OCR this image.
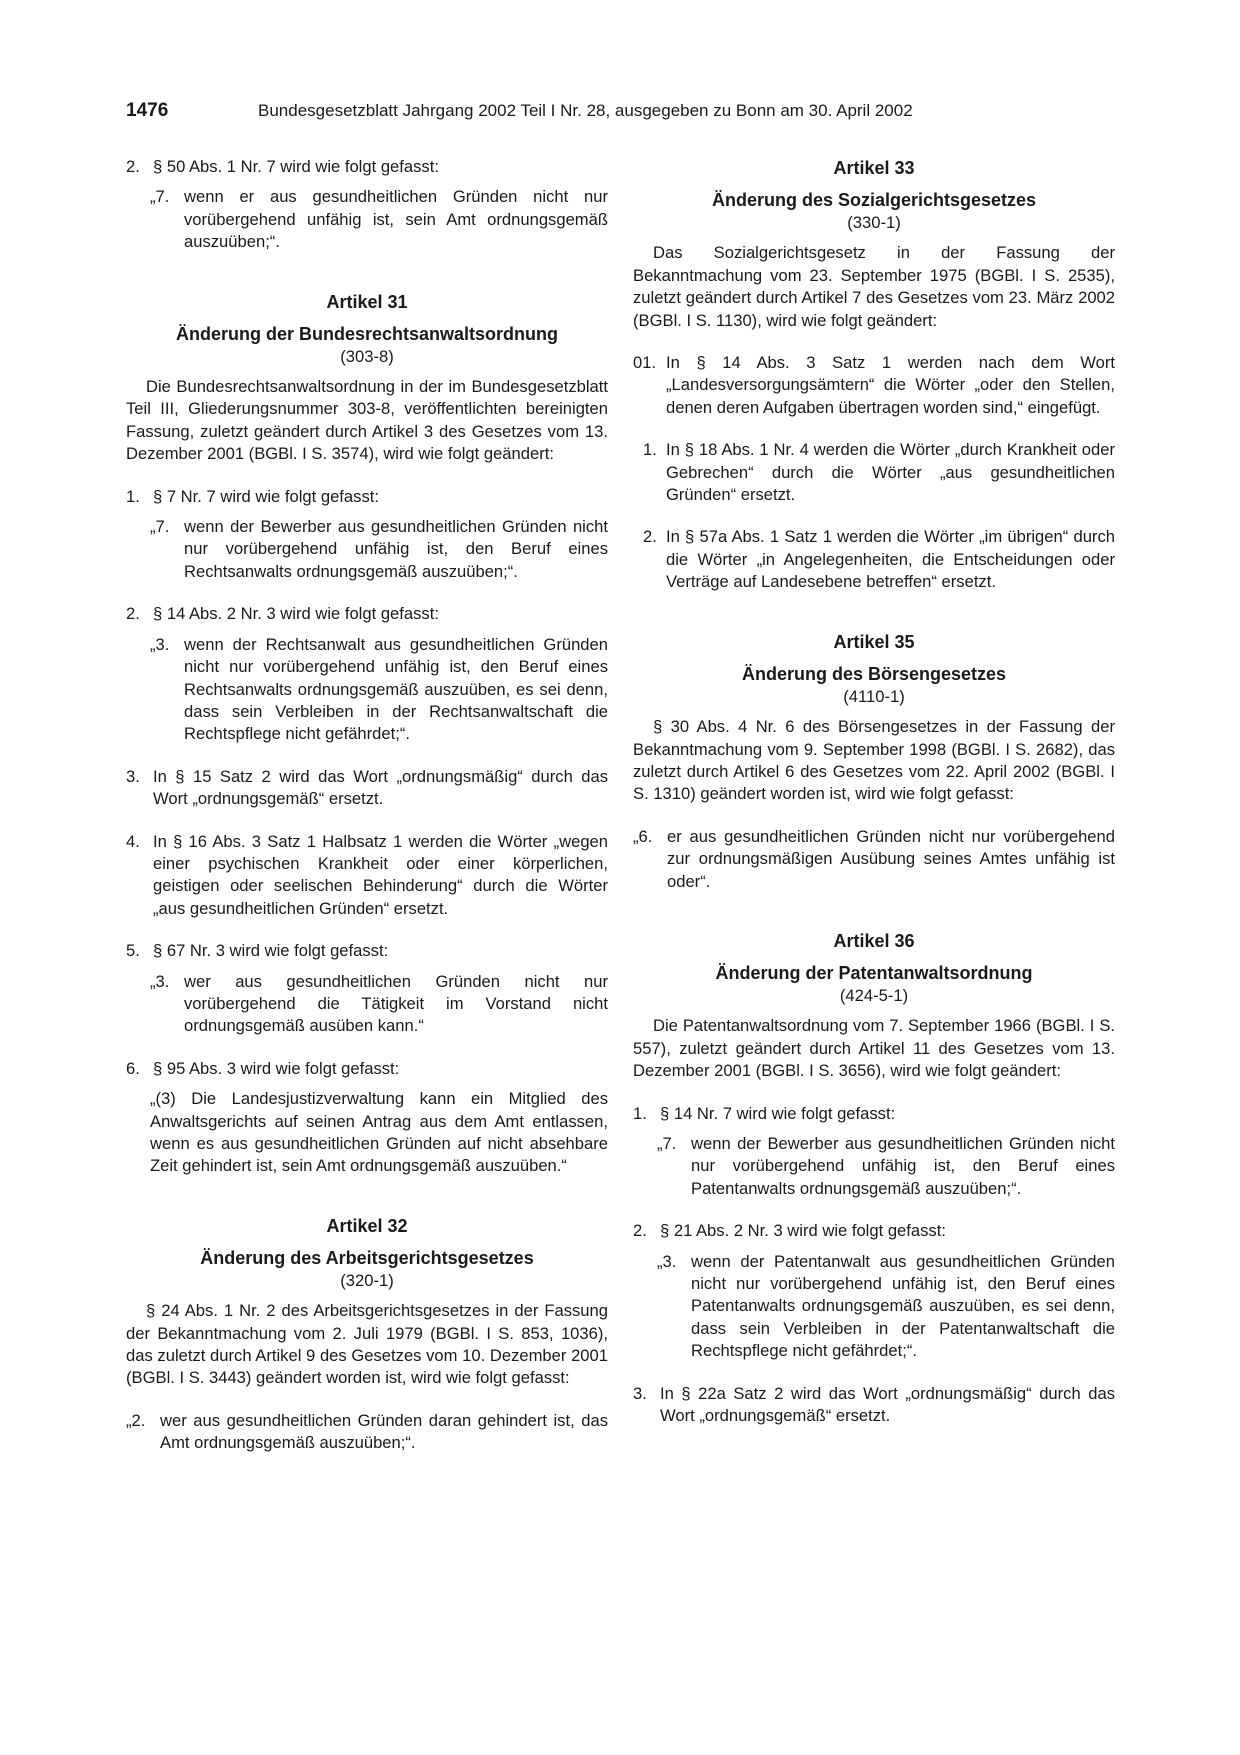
1476	Bundesgesetzblatt Jahrgang 2002 Teil I Nr. 28, ausgegeben zu Bonn am 30. April 2002
2. § 50 Abs. 1 Nr. 7 wird wie folgt gefasst:
„7. wenn er aus gesundheitlichen Gründen nicht nur vorübergehend unfähig ist, sein Amt ordnungsgemäß auszuüben;“.

Artikel 31

Änderung der Bundesrechtsanwaltsordnung

(303-8)

Die Bundesrechtsanwaltsordnung in der im Bundesgesetzblatt Teil III, Gliederungsnummer 303-8, veröffentlichten bereinigten Fassung, zuletzt geändert durch Artikel 3 des Gesetzes vom 13. Dezember 2001 (BGBl. I S. 3574), wird wie folgt geändert:

1. § 7 Nr. 7 wird wie folgt gefasst:
„7. wenn der Bewerber aus gesundheitlichen Gründen nicht nur vorübergehend unfähig ist, den Beruf eines Rechtsanwalts ordnungsgemäß auszuüben;“.
2. § 14 Abs. 2 Nr. 3 wird wie folgt gefasst:
„3. wenn der Rechtsanwalt aus gesundheitlichen Gründen nicht nur vorübergehend unfähig ist, den Beruf eines Rechtsanwalts ordnungsgemäß auszuüben, es sei denn, dass sein Verbleiben in der Rechtsanwaltschaft die Rechtspflege nicht gefährdet;“.
3. In § 15 Satz 2 wird das Wort „ordnungsmäßig“ durch das Wort „ordnungsgemäß“ ersetzt.
4. In § 16 Abs. 3 Satz 1 Halbsatz 1 werden die Wörter „wegen einer psychischen Krankheit oder einer körperlichen, geistigen oder seelischen Behinderung“ durch die Wörter „aus gesundheitlichen Gründen“ ersetzt.
5. § 67 Nr. 3 wird wie folgt gefasst:
„3. wer aus gesundheitlichen Gründen nicht nur vorübergehend die Tätigkeit im Vorstand nicht ordnungsgemäß ausüben kann.“
6. § 95 Abs. 3 wird wie folgt gefasst:
„(3) Die Landesjustizverwaltung kann ein Mitglied des Anwaltsgerichts auf seinen Antrag aus dem Amt entlassen, wenn es aus gesundheitlichen Gründen auf nicht absehbare Zeit gehindert ist, sein Amt ordnungsgemäß auszuüben.“

Artikel 32

Änderung des Arbeitsgerichtsgesetzes

(320-1)

§ 24 Abs. 1 Nr. 2 des Arbeitsgerichtsgesetzes in der Fassung der Bekanntmachung vom 2. Juli 1979 (BGBl. I S. 853, 1036), das zuletzt durch Artikel 9 des Gesetzes vom 10. Dezember 2001 (BGBl. I S. 3443) geändert worden ist, wird wie folgt gefasst:

„2. wer aus gesundheitlichen Gründen daran gehindert ist, das Amt ordnungsgemäß auszuüben;“.

Artikel 33

Änderung des Sozialgerichtsgesetzes

(330-1)

Das Sozialgerichtsgesetz in der Fassung der Bekanntmachung vom 23. September 1975 (BGBl. I S. 2535), zuletzt geändert durch Artikel 7 des Gesetzes vom 23. März 2002 (BGBl. I S. 1130), wird wie folgt geändert:

01. In § 14 Abs. 3 Satz 1 werden nach dem Wort „Landesversorgungsämtern“ die Wörter „oder den Stellen, denen deren Aufgaben übertragen worden sind,“ eingefügt.
1. In § 18 Abs. 1 Nr. 4 werden die Wörter „durch Krankheit oder Gebrechen“ durch die Wörter „aus gesundheitlichen Gründen“ ersetzt.
2. In § 57a Abs. 1 Satz 1 werden die Wörter „im übrigen“ durch die Wörter „in Angelegenheiten, die Entscheidungen oder Verträge auf Landesebene betreffen“ ersetzt.

Artikel 35

Änderung des Börsengesetzes

(4110-1)

§ 30 Abs. 4 Nr. 6 des Börsengesetzes in der Fassung der Bekanntmachung vom 9. September 1998 (BGBl. I S. 2682), das zuletzt durch Artikel 6 des Gesetzes vom 22. April 2002 (BGBl. I S. 1310) geändert worden ist, wird wie folgt gefasst:

„6. er aus gesundheitlichen Gründen nicht nur vorübergehend zur ordnungsmäßigen Ausübung seines Amtes unfähig ist oder“.

Artikel 36

Änderung der Patentanwaltsordnung

(424-5-1)

Die Patentanwaltsordnung vom 7. September 1966 (BGBl. I S. 557), zuletzt geändert durch Artikel 11 des Gesetzes vom 13. Dezember 2001 (BGBl. I S. 3656), wird wie folgt geändert:

1. § 14 Nr. 7 wird wie folgt gefasst:
„7. wenn der Bewerber aus gesundheitlichen Gründen nicht nur vorübergehend unfähig ist, den Beruf eines Patentanwalts ordnungsgemäß auszuüben;“.
2. § 21 Abs. 2 Nr. 3 wird wie folgt gefasst:
„3. wenn der Patentanwalt aus gesundheitlichen Gründen nicht nur vorübergehend unfähig ist, den Beruf eines Patentanwalts ordnungsgemäß auszuüben, es sei denn, dass sein Verbleiben in der Patentanwaltschaft die Rechtspflege nicht gefährdet;“.
3. In § 22a Satz 2 wird das Wort „ordnungsmäßig“ durch das Wort „ordnungsgemäß“ ersetzt.
